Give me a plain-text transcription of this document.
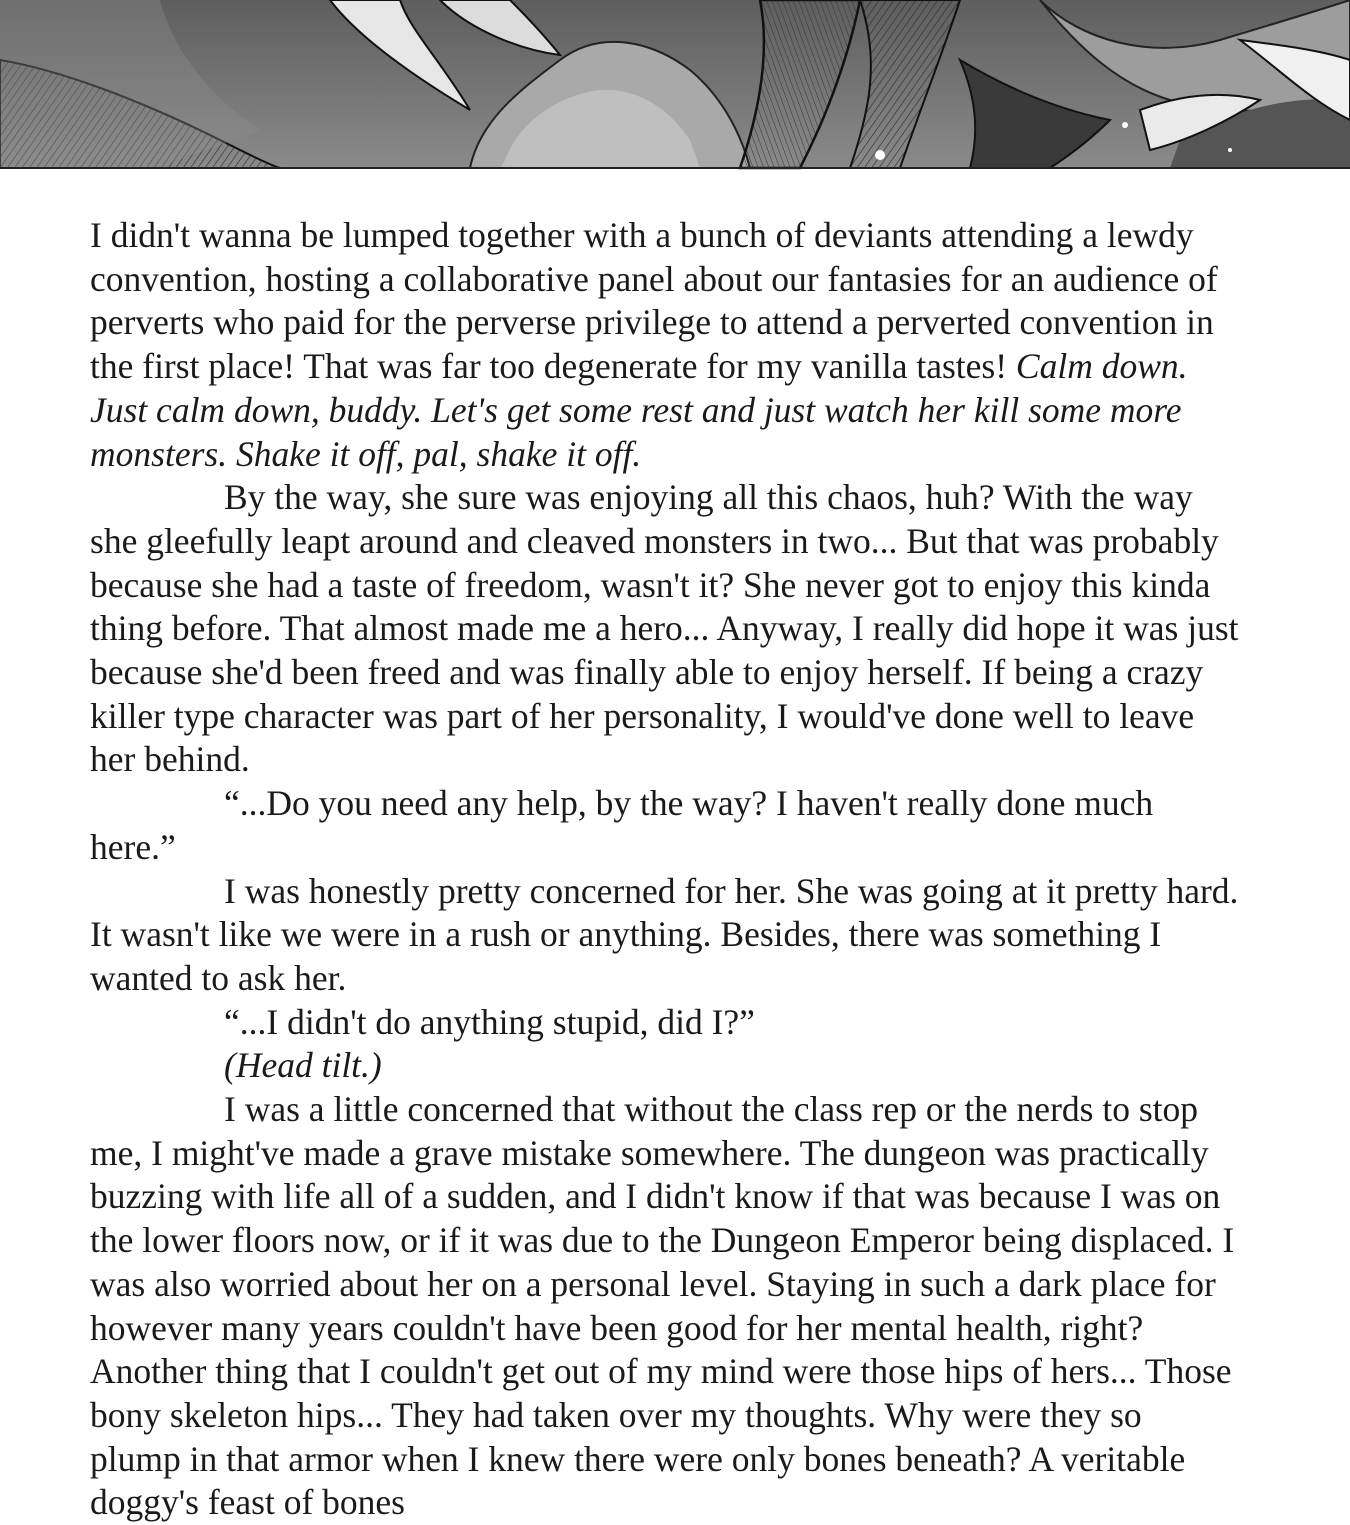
I didn't wanna be lumped together with a bunch of deviants attending a lewdy convention, hosting a collaborative panel about our fantasies for an audience of perverts who paid for the perverse privilege to attend a perverted convention in the first place! That was far too degenerate for my vanilla tastes! Calm down. Just calm down, buddy. Let's get some rest and just watch her kill some more monsters. Shake it off, pal, shake it off.

By the way, she sure was enjoying all this chaos, huh? With the way she gleefully leapt around and cleaved monsters in two... But that was probably because she had a taste of freedom, wasn't it? She never got to enjoy this kinda thing before. That almost made me a hero... Anyway, I really did hope it was just because she'd been freed and was finally able to enjoy herself. If being a crazy killer type character was part of her personality, I would've done well to leave her behind.

“...Do you need any help, by the way? I haven't really done much here.”

I was honestly pretty concerned for her. She was going at it pretty hard. It wasn't like we were in a rush or anything. Besides, there was something I wanted to ask her.

“...I didn't do anything stupid, did I?”

(Head tilt.)

I was a little concerned that without the class rep or the nerds to stop me, I might've made a grave mistake somewhere. The dungeon was practically buzzing with life all of a sudden, and I didn't know if that was because I was on the lower floors now, or if it was due to the Dungeon Emperor being displaced. I was also worried about her on a personal level. Staying in such a dark place for however many years couldn't have been good for her mental health, right? Another thing that I couldn't get out of my mind were those hips of hers... Those bony skeleton hips... They had taken over my thoughts. Why were they so plump in that armor when I knew there were only bones beneath? A veritable doggy's feast of bones
